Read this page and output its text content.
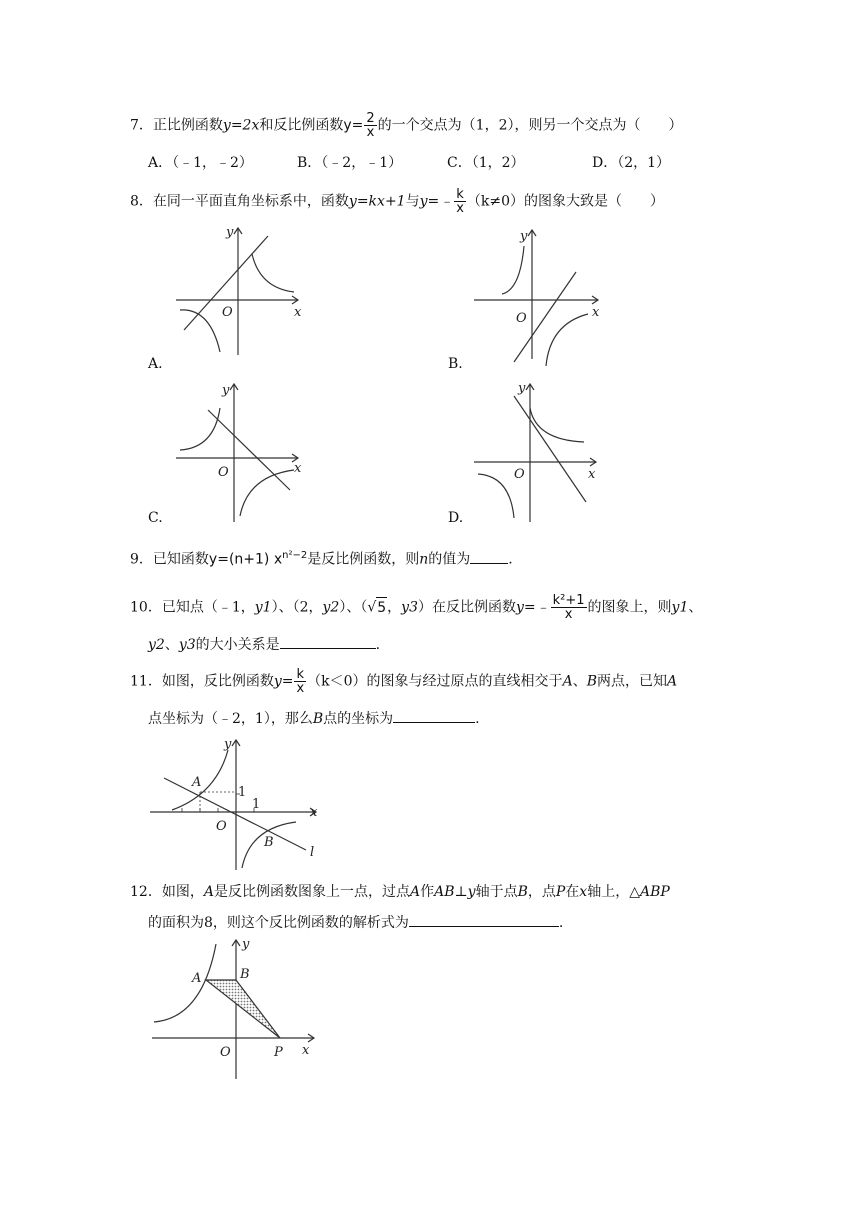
7．正比例函数y=2x和反比例函数$y= \frac{2}{x}$ 的一个交点为（1，2），则另一个交点为（　　）
A．（﹣1，﹣2）	B．（﹣2，﹣1）	C．（1，2）	D．（2，1）
8．在同一平面直角坐标系中，函数y=kx+1与y=﹣ $\frac{k}{x} (k\ne 0)$的图象大致是（　　）
y
x
O
A.
y
x
O
B.
y
x
O
C.
y
x
O
D.
9．已知函数y=(n+1) $x^{n^2-2}$是反比例函数，则n的值为	.
10．已知点（﹣1，y1）、（2，y2）、（√5，y3）在反比例函数y=﹣ $\frac{\text{k²+1}}{x}$ 的图象上，则y1、
y2、y3的大小关系是	.
11．如图，反比例函数$y= \frac{k}{x} (k<0)$的图象与经过原点的直线相交于A、B两点，已知A
点坐标为（﹣2，1），那么B点的坐标为	.
y
x
O
A
B
l
1
1
12．如图，A是反比例函数图象上一点，过点A作AB⊥y轴于点B，点P在x轴上，△ABP
的面积为8，则这个反比例函数的解析式为	.
y
x
O
A	B
P
